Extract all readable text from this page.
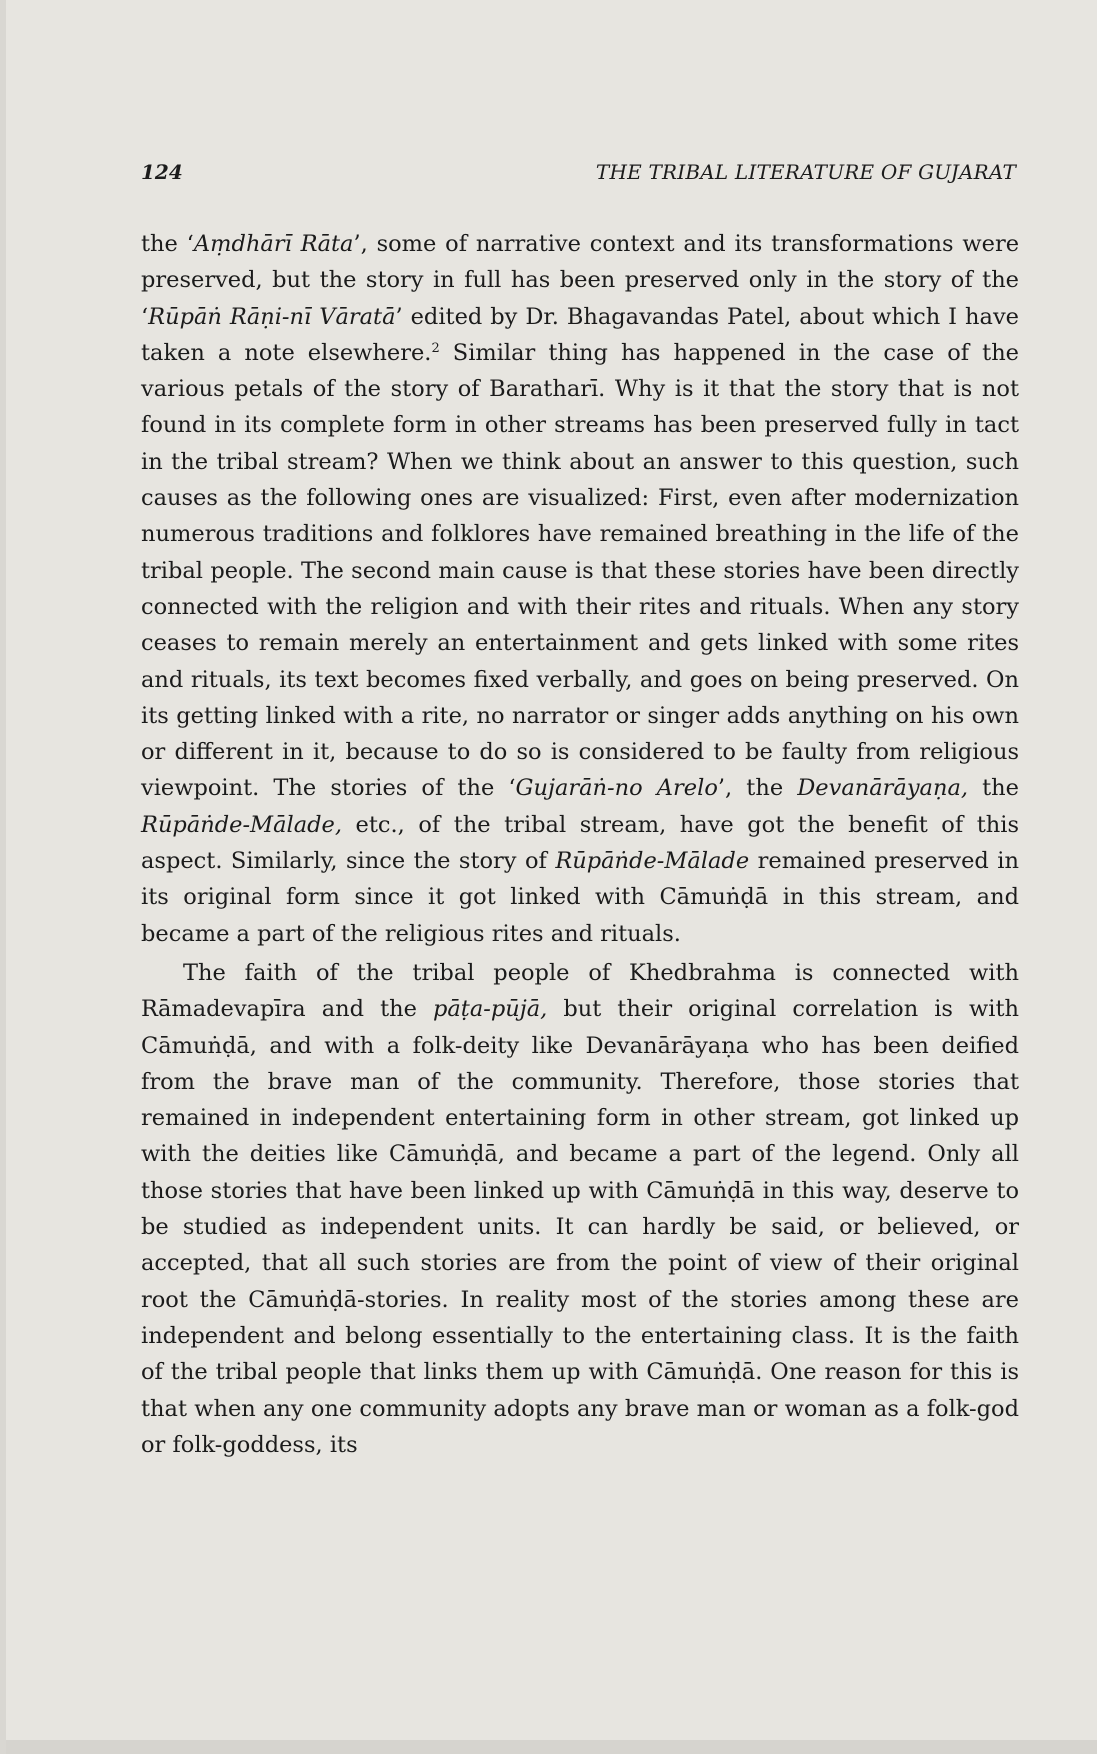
124	THE TRIBAL LITERATURE OF GUJARAT

the ‘Aṃdhārī Rāta’, some of narrative context and its transformations were preserved, but the story in full has been preserved only in the story of the ‘Rūpāṅ Rāṇi-nī Vāratā’ edited by Dr. Bhagavandas Patel, about which I have taken a note elsewhere.$^2$ Similar thing has happened in the case of the various petals of the story of Baratharī. Why is it that the story that is not found in its complete form in other streams has been preserved fully in tact in the tribal stream? When we think about an answer to this question, such causes as the following ones are visualized: First, even after modernization numerous traditions and folklores have remained breathing in the life of the tribal people. The second main cause is that these stories have been directly connected with the religion and with their rites and rituals. When any story ceases to remain merely an entertainment and gets linked with some rites and rituals, its text becomes fixed verbally, and goes on being preserved. On its getting linked with a rite, no narrator or singer adds anything on his own or different in it, because to do so is considered to be faulty from religious viewpoint. The stories of the ‘Gujarāṅ-no Arelo’, the Devanārāyaṇa, the Rūpāṅde-Mālade, etc., of the tribal stream, have got the benefit of this aspect. Similarly, since the story of Rūpāṅde-Mālade remained preserved in its original form since it got linked with Cāmuṅḍā in this stream, and became a part of the religious rites and rituals.

The faith of the tribal people of Khedbrahma is connected with Rāmadevapīra and the pāṭa-pūjā, but their original correlation is with Cāmuṅḍā, and with a folk-deity like Devanārāyaṇa who has been deified from the brave man of the community. Therefore, those stories that remained in independent entertaining form in other stream, got linked up with the deities like Cāmuṅḍā, and became a part of the legend. Only all those stories that have been linked up with Cāmuṅḍā in this way, deserve to be studied as independent units. It can hardly be said, or believed, or accepted, that all such stories are from the point of view of their original root the Cāmuṅḍā-stories. In reality most of the stories among these are independent and belong essentially to the entertaining class. It is the faith of the tribal people that links them up with Cāmuṅḍā. One reason for this is that when any one community adopts any brave man or woman as a folk-god or folk-goddess, its
